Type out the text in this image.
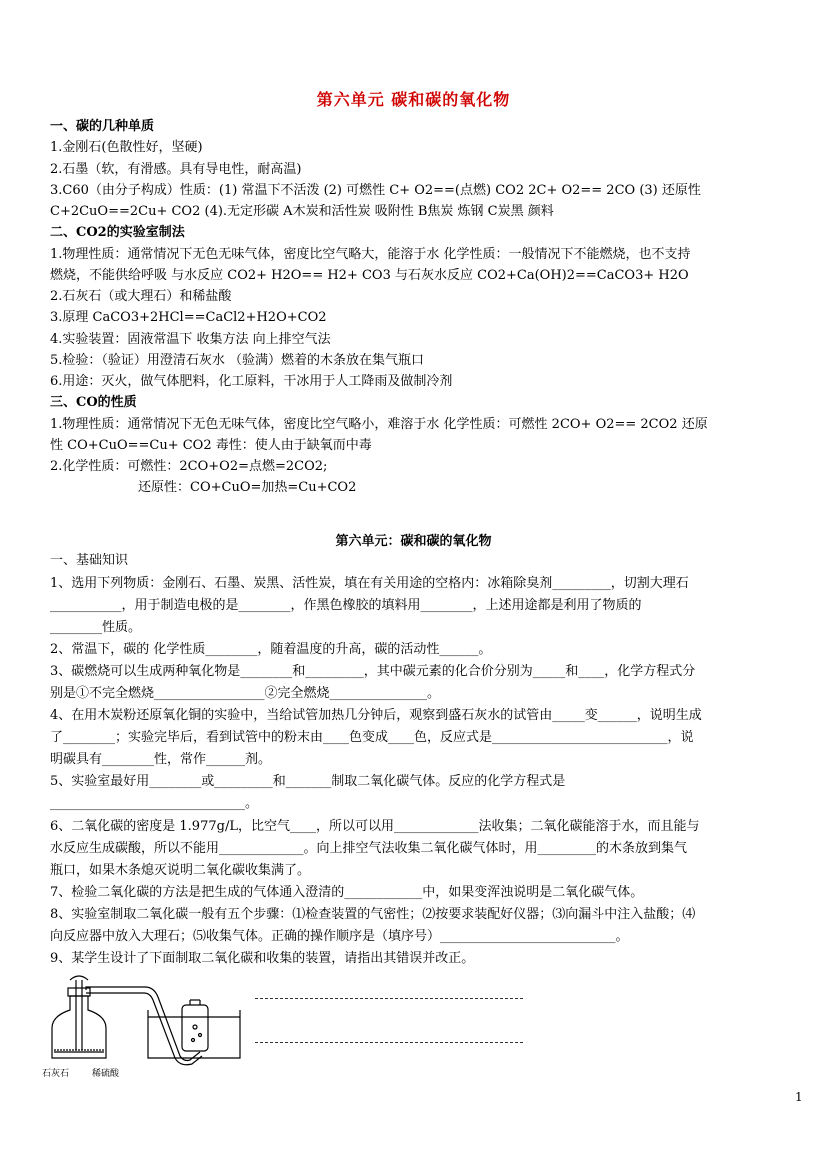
第六单元 碳和碳的氧化物
一、碳的几种单质
1.金刚石(色散性好，坚硬)
2.石墨（软，有滑感。具有导电性，耐高温)
3.C60（由分子构成）性质：(1) 常温下不活泼 (2) 可燃性 C+ O2==(点燃) CO2 2C+ O2== 2CO (3) 还原性
C+2CuO==2Cu+ CO2 (4).无定形碳 A木炭和活性炭 吸附性 B焦炭 炼钢 C炭黑 颜料
二、CO2的实验室制法
1.物理性质：通常情况下无色无味气体，密度比空气略大，能溶于水 化学性质：一般情况下不能燃烧，也不支持
燃烧，不能供给呼吸 与水反应 CO2+ H2O== H2+ CO3 与石灰水反应 CO2+Ca(OH)2==CaCO3+ H2O
2.石灰石（或大理石）和稀盐酸
3.原理 CaCO3+2HCl==CaCl2+H2O+CO2
4.实验装置：固液常温下 收集方法 向上排空气法
5.检验：（验证）用澄清石灰水 （验满）燃着的木条放在集气瓶口
6.用途：灭火，做气体肥料，化工原料，干冰用于人工降雨及做制冷剂
三、CO的性质
1.物理性质：通常情况下无色无味气体，密度比空气略小，难溶于水 化学性质：可燃性 2CO+ O2== 2CO2 还原
性 CO+CuO==Cu+ CO2 毒性：使人由于缺氧而中毒
2.化学性质：可燃性：2CO+O2=点燃=2CO2;
还原性：CO+CuO=加热=Cu+CO2
第六单元：碳和碳的氧化物
一、基础知识
1、选用下列物质：金刚石、石墨、炭黑、活性炭，填在有关用途的空格内：冰箱除臭剂_________，切割大理石
___________，用于制造电极的是________，作黑色橡胶的填料用________，上述用途都是利用了物质的
________性质。
2、常温下，碳的 化学性质________，随着温度的升高，碳的活动性______。
3、碳燃烧可以生成两种氧化物是________和_________，其中碳元素的化合价分别为_____和____，化学方程式分
别是①不完全燃烧_________________②完全燃烧_______________。
4、在用木炭粉还原氧化铜的实验中，当给试管加热几分钟后，观察到盛石灰水的试管由_____变______，说明生成
了________；实验完毕后，看到试管中的粉末由____色变成____色，反应式是___________________________，说
明碳具有________性，常作______剂。
5、实验室最好用________或_________和_______制取二氧化碳气体。反应的化学方程式是
______________________________。
6、二氧化碳的密度是 1.977g/L，比空气____，所以可以用_____________法收集；二氧化碳能溶于水，而且能与
水反应生成碳酸，所以不能用_____________。向上排空气法收集二氧化碳气体时，用_________的木条放到集气
瓶口，如果木条熄灭说明二氧化碳收集满了。
7、检验二氧化碳的方法是把生成的气体通入澄清的____________中，如果变浑浊说明是二氧化碳气体。
8、实验室制取二氧化碳一般有五个步骤：⑴检查装置的气密性；⑵按要求装配好仪器；⑶向漏斗中注入盐酸；⑷
向反应器中放入大理石；⑸收集气体。正确的操作顺序是（填序号）___________________________。
9、某学生设计了下面制取二氧化碳和收集的装置，请指出其错误并改正。
石灰石	稀硫酸
1
